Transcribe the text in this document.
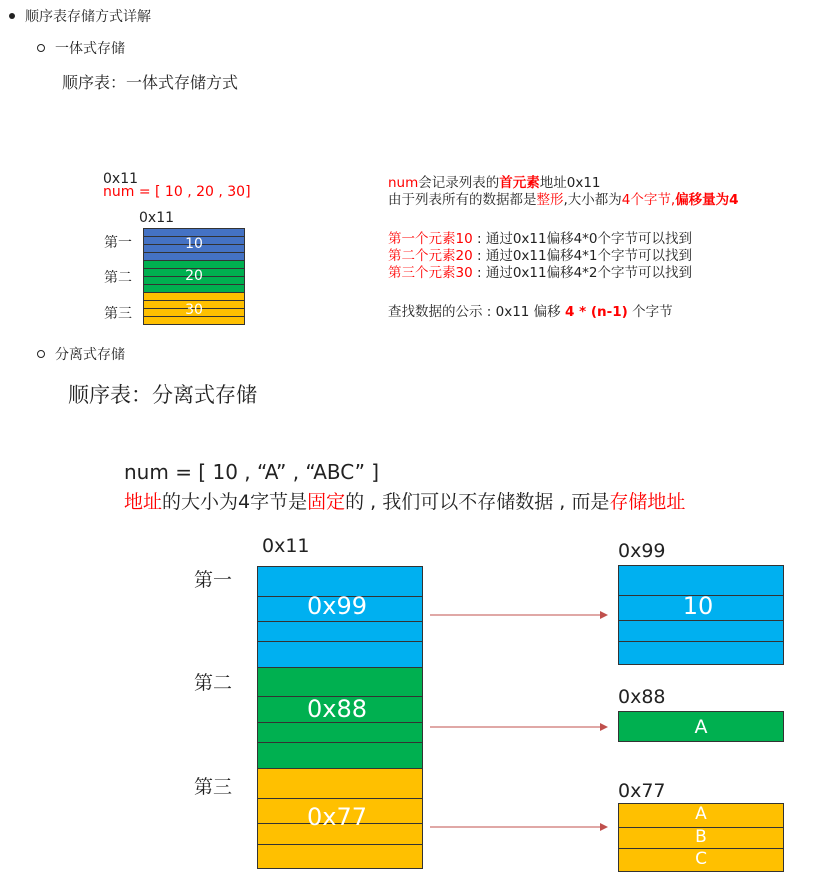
顺序表存储方式详解
一体式存储
顺序表：一体式存储方式
0x11
num = [ 10 , 20 , 30]
0x11
第一
第二
第三
10
20
30
num会记录列表的首元素地址0x11
由于列表所有的数据都是整形,大小都为4个字节,偏移量为4
第一个元素10 : 通过0x11偏移4*0个字节可以找到
第二个元素20 : 通过0x11偏移4*1个字节可以找到
第三个元素30 : 通过0x11偏移4*2个字节可以找到
查找数据的公示 : 0x11 偏移 4 * (n-1) 个字节
分离式存储
顺序表：分离式存储
num = [ 10 , “A” , “ABC” ]
地址的大小为4字节是固定的 , 我们可以不存储数据 , 而是存储地址
0x11
第一
第二
第三
0x99
0x88
0x77
0x99
10
0x88
A
0x77
A
B
C
